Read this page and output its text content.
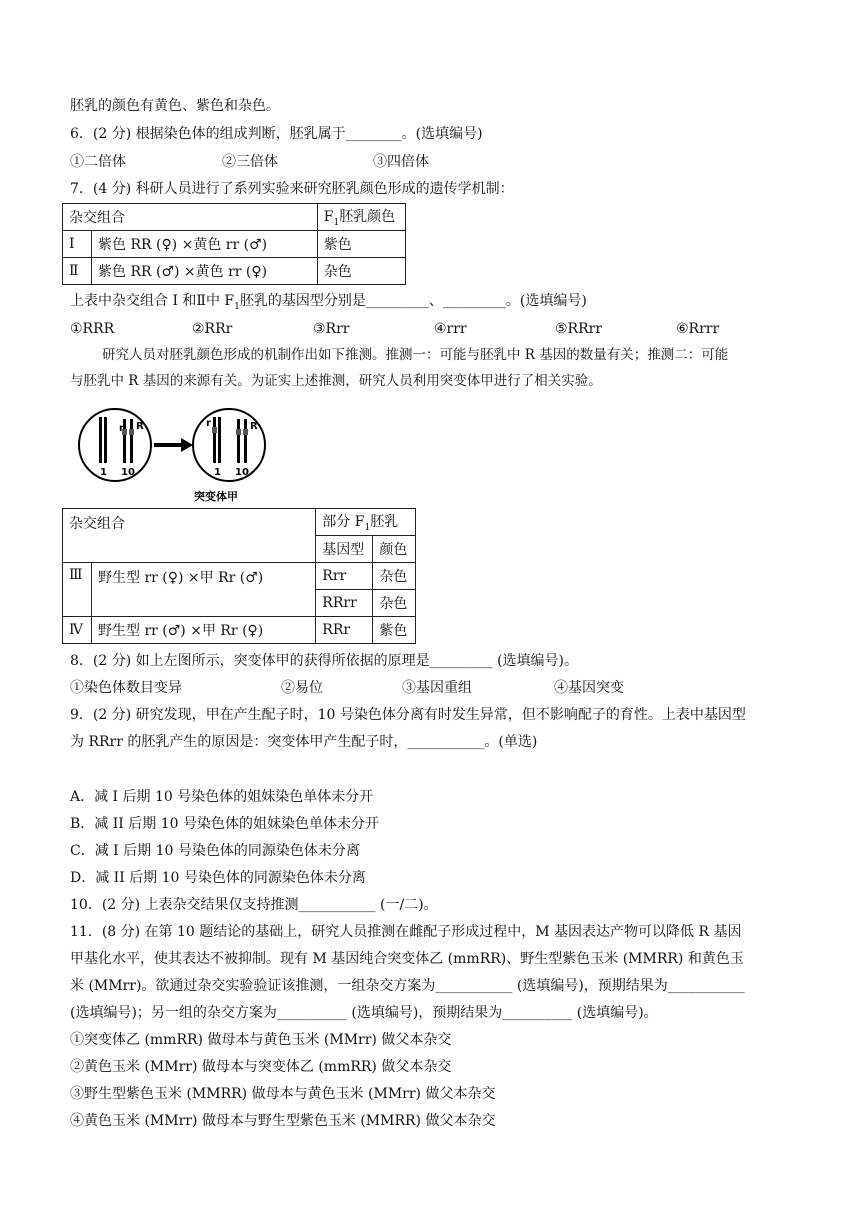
胚乳的颜色有黄色、紫色和杂色。
6．(2 分) 根据染色体的组成判断，胚乳属于________。(选填编号)
①二倍体	②三倍体	③四倍体
7．(4 分) 科研人员进行了系列实验来研究胚乳颜色形成的遗传学机制：
杂交组合		$F_1$胚乳颜色
I	紫色 RR (♀) ×黄色 rr (♂)	紫色
Ⅱ	紫色 RR (♂) ×黄色 rr (♀)	杂色
上表中杂交组合 I 和Ⅱ中 $F_1$胚乳的基因型分别是_________、_________。(选填编号)
①RRR	②RRr	③Rrr	④rrr	⑤RRrr	⑥Rrrr
研究人员对胚乳颜色形成的机制作出如下推测。推测一：可能与胚乳中 R 基因的数量有关；推测二：可能
与胚乳中 R 基因的来源有关。为证实上述推测，研究人员利用突变体甲进行了相关实验。
r R
1 10
r	R
1 10
突变体甲
杂交组合		部分 $F_1$胚乳	
		基因型	颜色
Ⅲ	野生型 rr (♀) ×甲 Rr (♂)	Rrr	杂色
		RRrr	杂色
Ⅳ	野生型 rr (♂) ×甲 Rr (♀)	RRr	紫色
8．(2 分) 如上左图所示，突变体甲的获得所依据的原理是_________ (选填编号)。
①染色体数目变异	②易位	③基因重组	④基因突变
9．(2 分) 研究发现，甲在产生配子时，10 号染色体分离有时发生异常，但不影响配子的育性。上表中基因型
为 RRrr 的胚乳产生的原因是：突变体甲产生配子时，___________。(单选)
A．减 I 后期 10 号染色体的姐妹染色单体未分开
B．减 II 后期 10 号染色体的姐妹染色单体未分开
C．减 I 后期 10 号染色体的同源染色体未分离
D．减 II 后期 10 号染色体的同源染色体未分离
10．(2 分) 上表杂交结果仅支持推测___________ (一/二)。
11．(8 分) 在第 10 题结论的基础上，研究人员推测在雌配子形成过程中，M 基因表达产物可以降低 R 基因
甲基化水平，使其表达不被抑制。现有 M 基因纯合突变体乙 (mmRR)、野生型紫色玉米 (MMRR) 和黄色玉
米 (MMrr)。欲通过杂交实验验证该推测，一组杂交方案为___________ (选填编号)，预期结果为___________
(选填编号)；另一组的杂交方案为__________ (选填编号)，预期结果为__________ (选填编号)。
①突变体乙 (mmRR) 做母本与黄色玉米 (MMrr) 做父本杂交
②黄色玉米 (MMrr) 做母本与突变体乙 (mmRR) 做父本杂交
③野生型紫色玉米 (MMRR) 做母本与黄色玉米 (MMrr) 做父本杂交
④黄色玉米 (MMrr) 做母本与野生型紫色玉米 (MMRR) 做父本杂交
